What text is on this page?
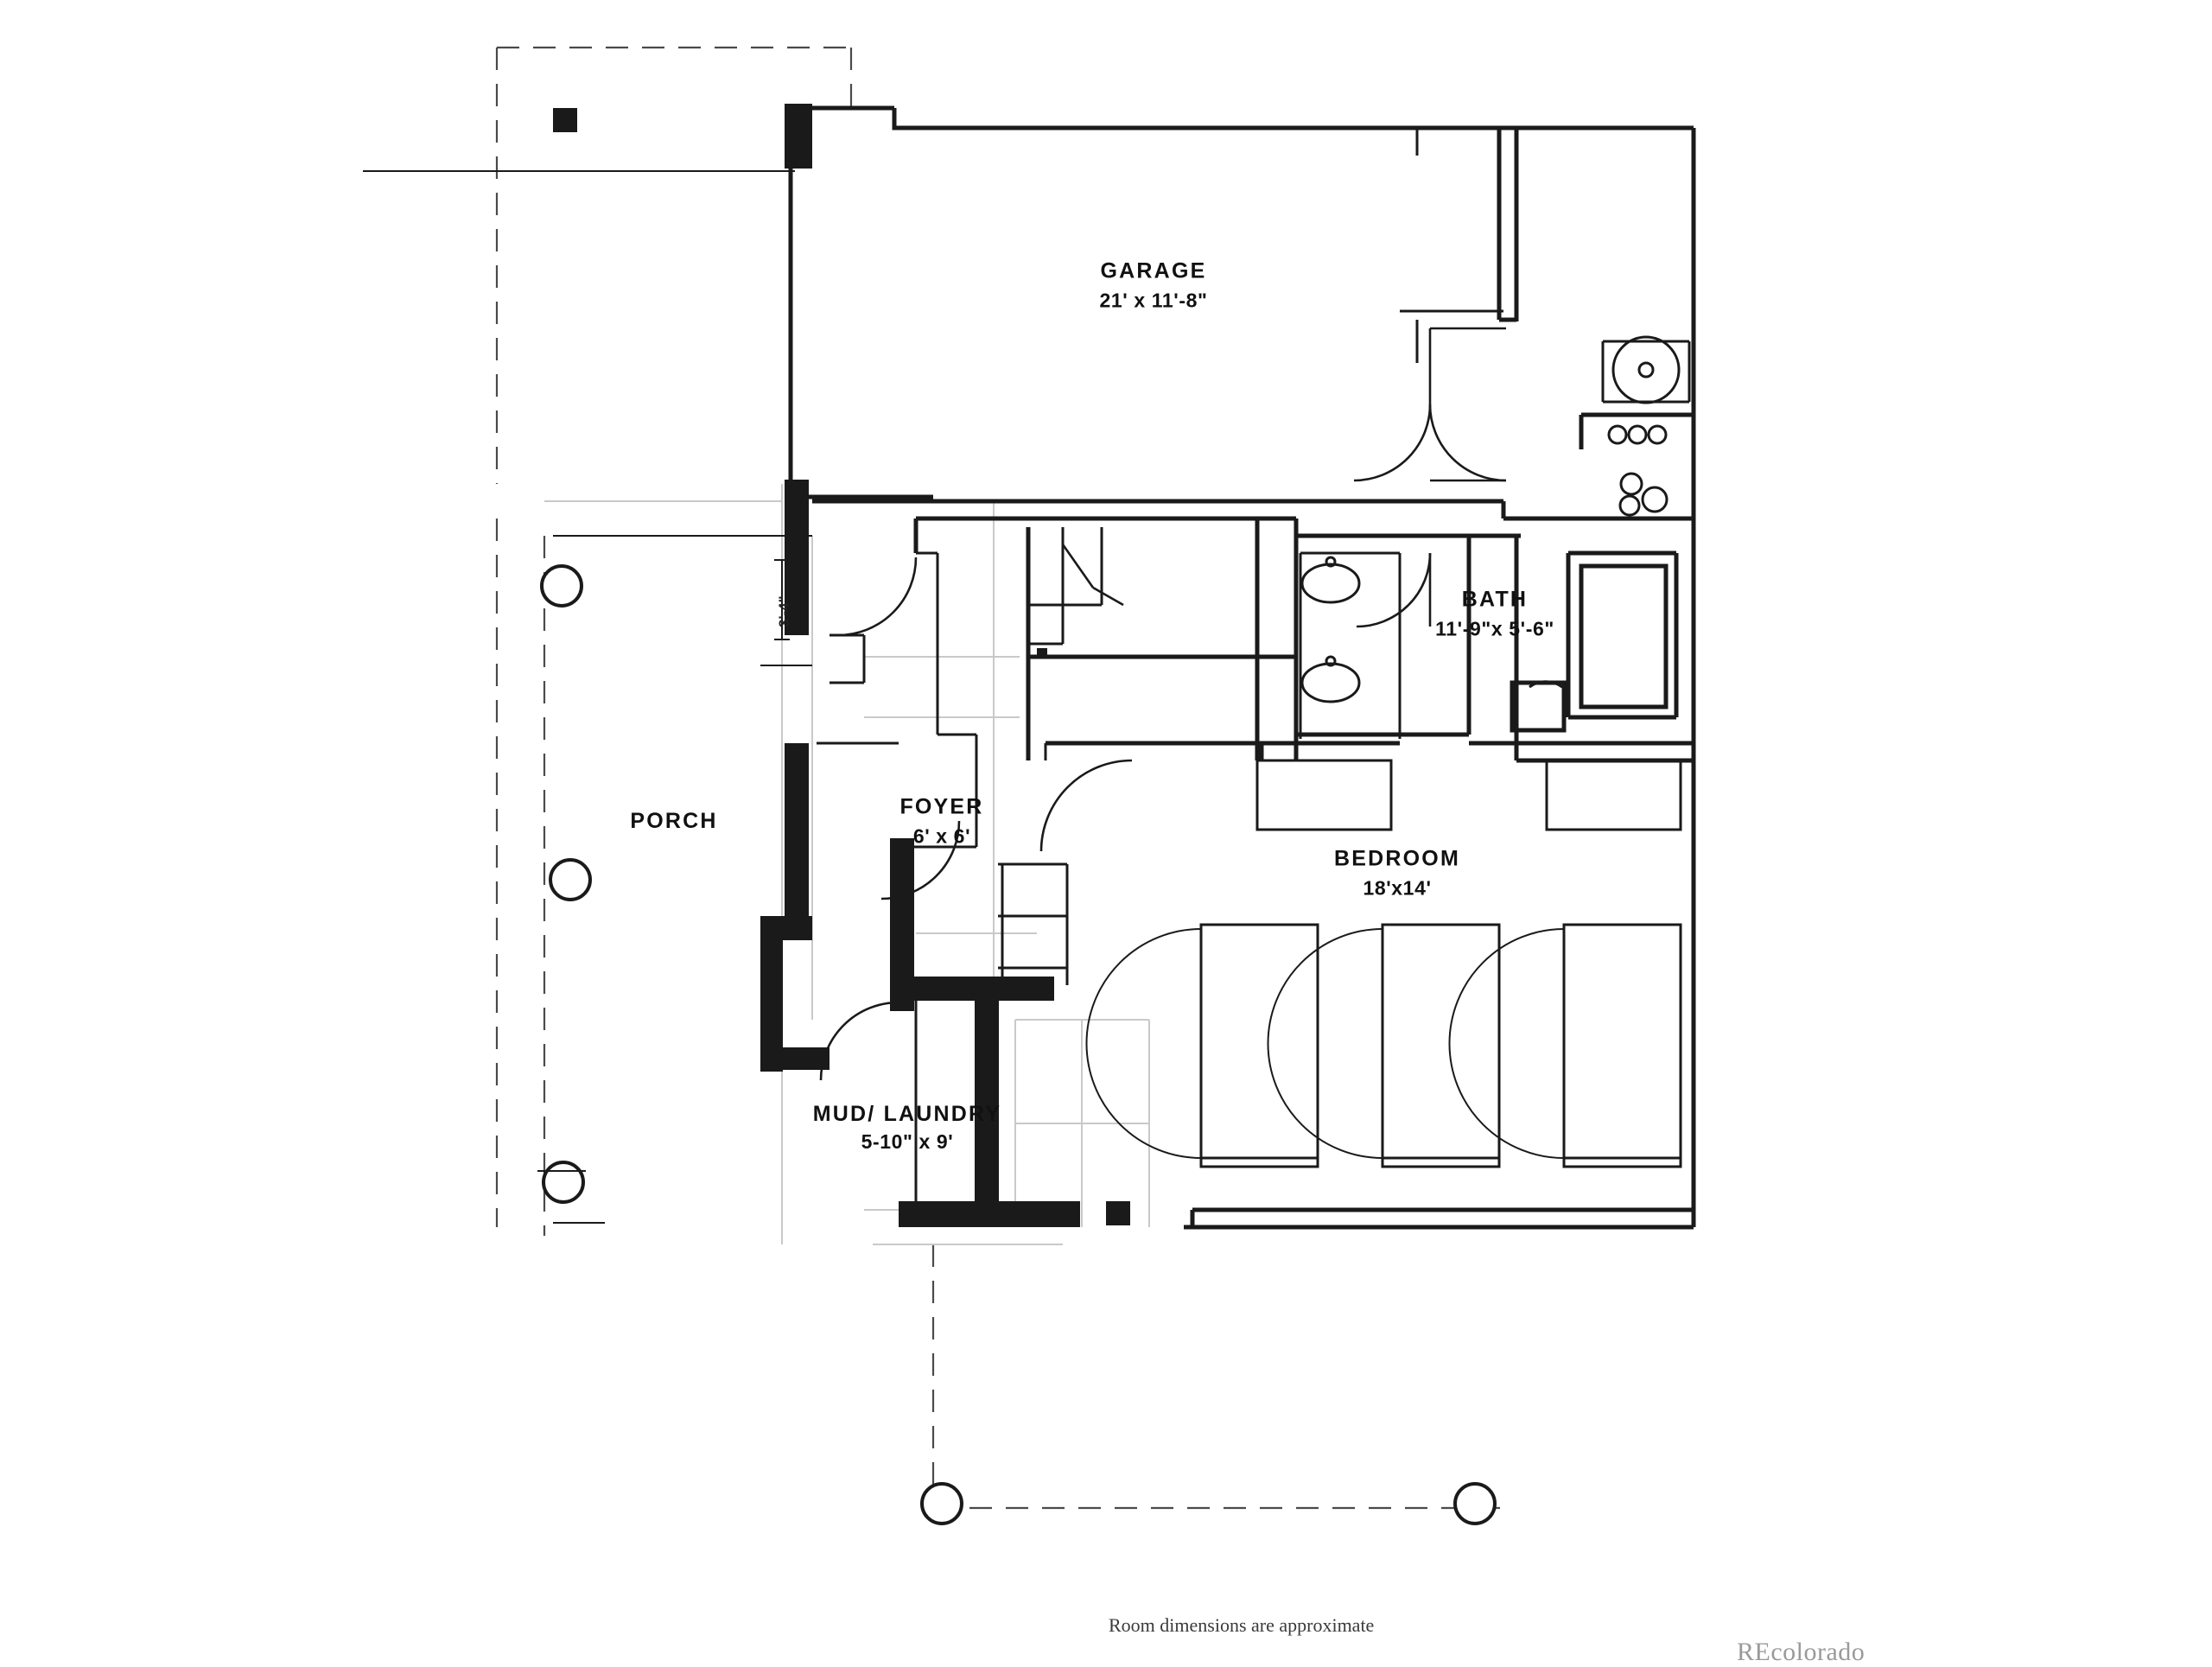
GARAGE
21' x 11'-8"
BATH
11'-9"x 5'-6"
BEDROOM
18'x14'
FOYER
6' x 6'
MUD/ LAUNDRY
5-10" x 9'
PORCH
3'-4"
Room dimensions are approximate
REcolorado
